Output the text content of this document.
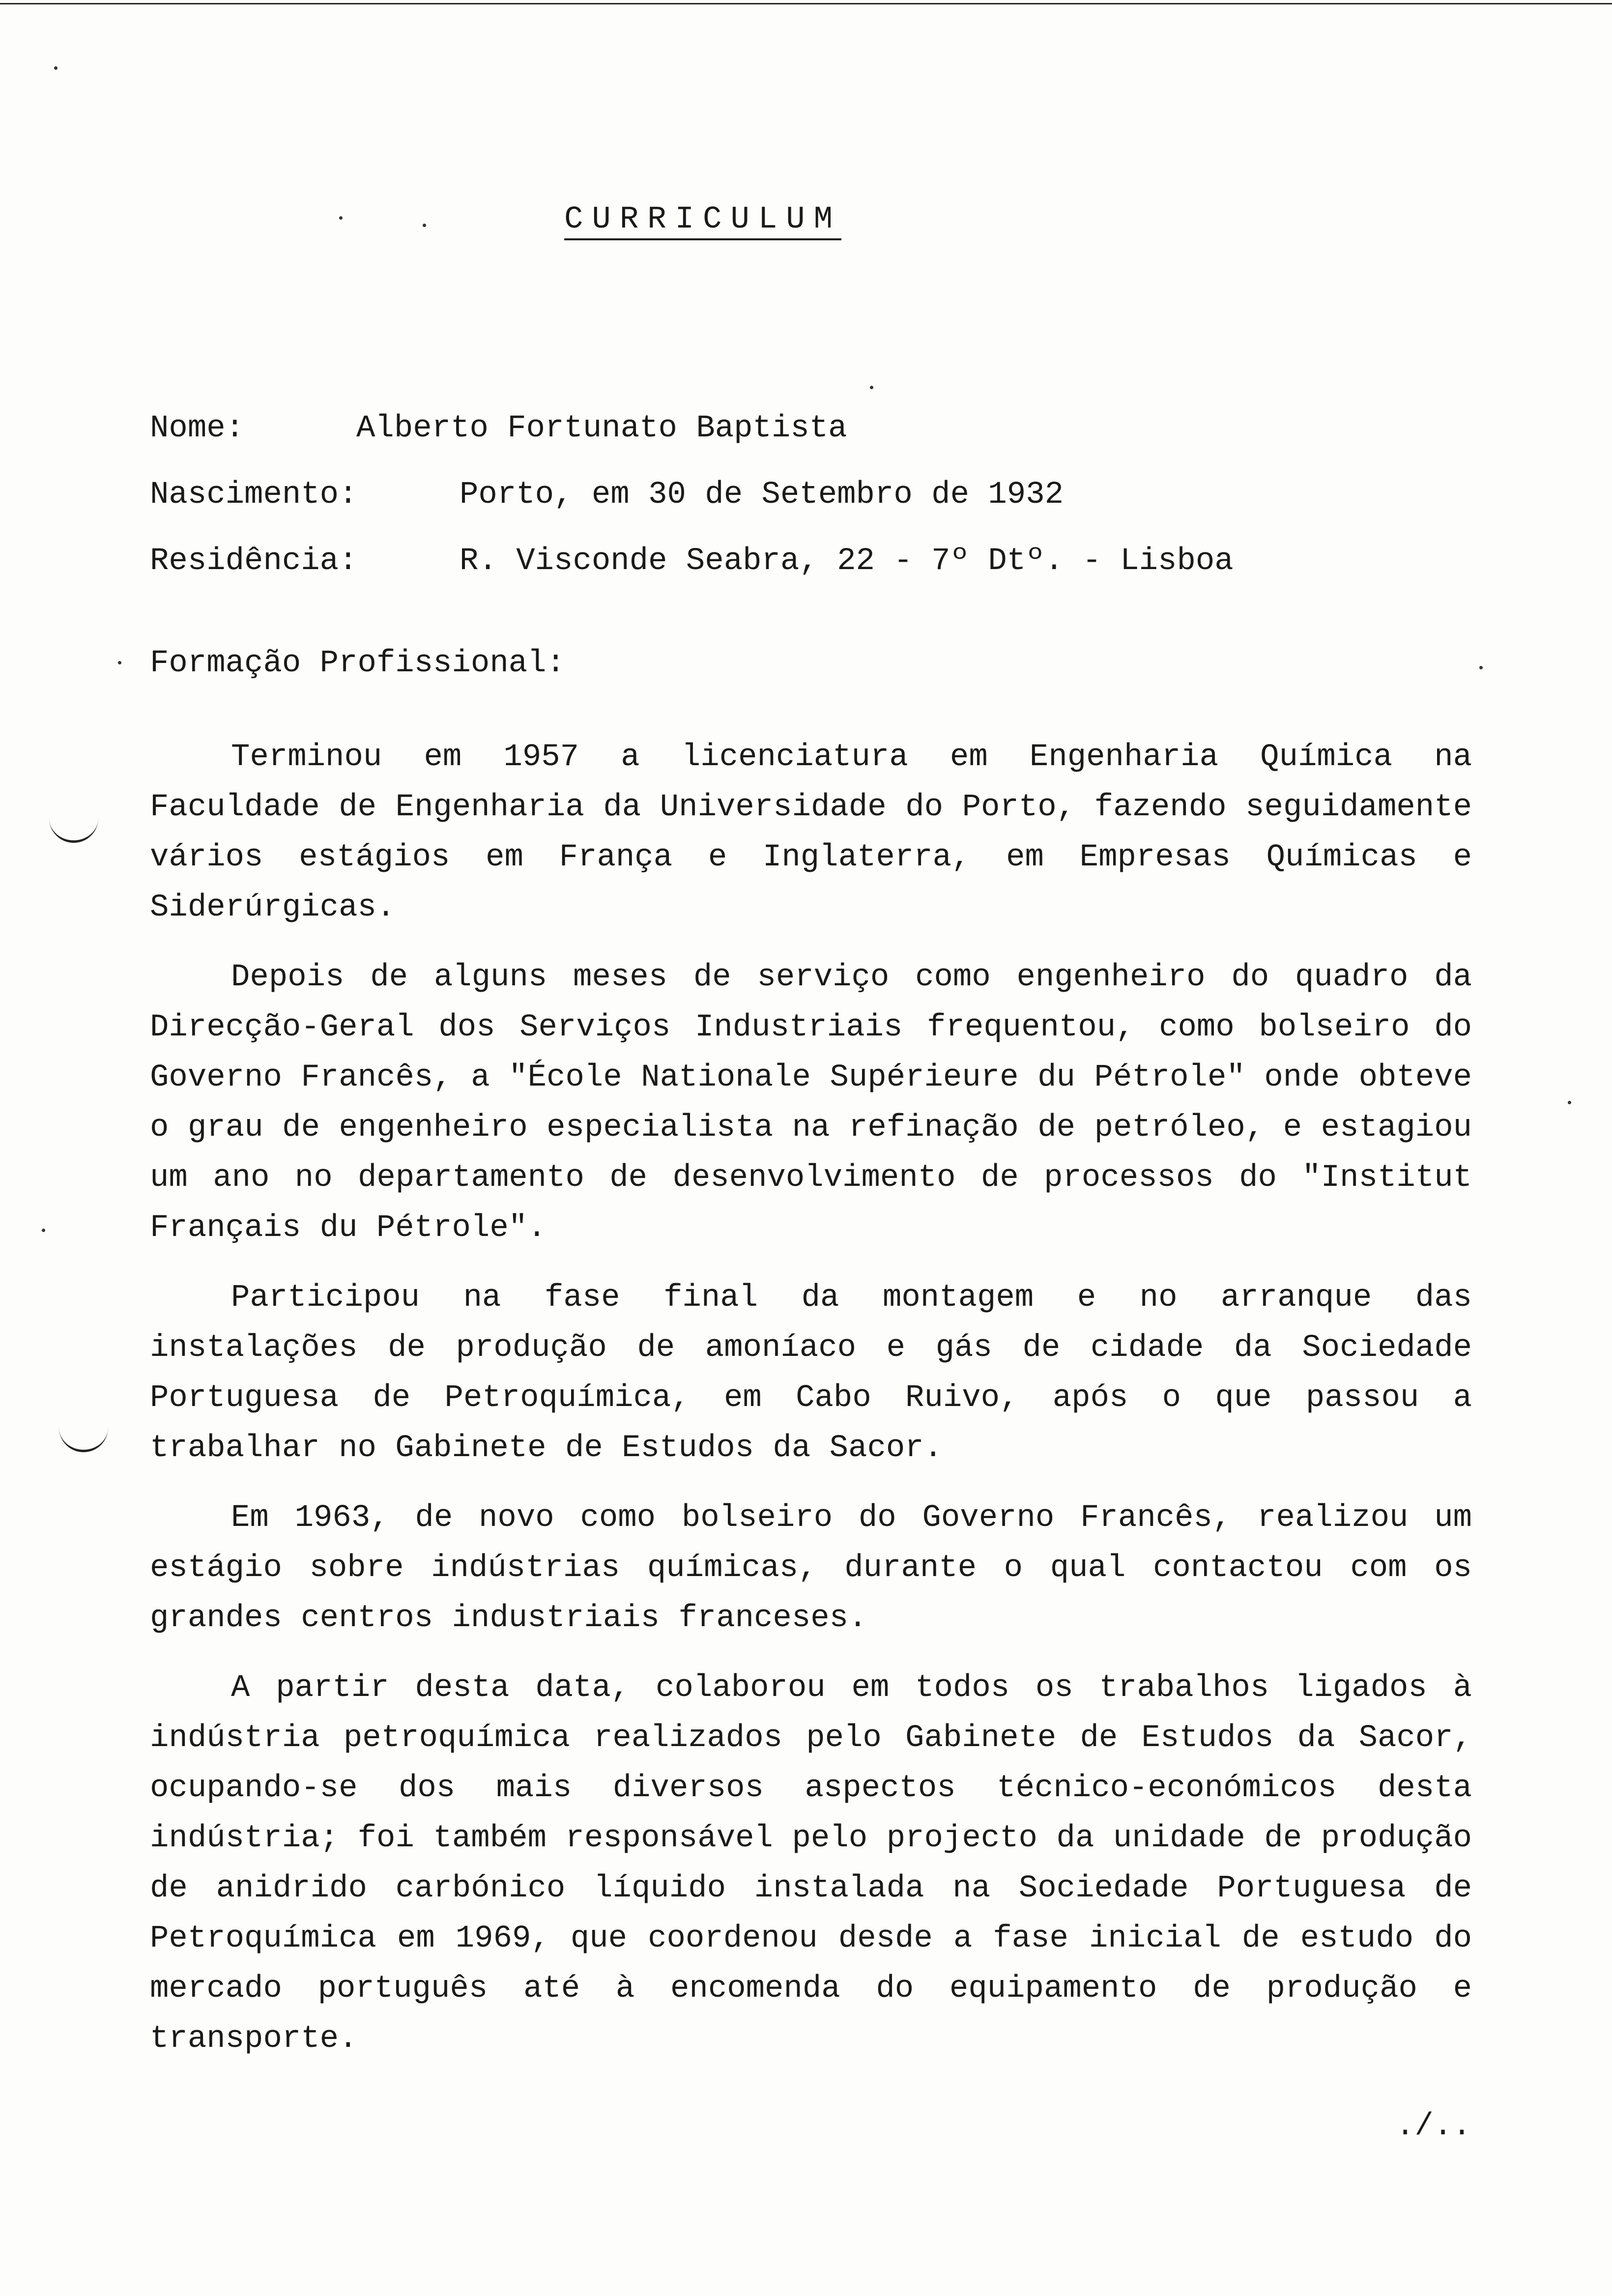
CURRICULUM
Nome:	Alberto Fortunato Baptista
Nascimento:	Porto, em 30 de Setembro de 1932
Residência:	R. Visconde Seabra, 22 - 7º Dtº. - Lisboa
Formação Profissional:

Terminou em 1957 a licenciatura em Engenharia Química na Faculdade de Engenharia da Universidade do Porto, fazendo seguidamente vários estágios em França e Inglaterra, em Empresas Químicas e Siderúrgicas.

Depois de alguns meses de serviço como engenheiro do quadro da Direcção-Geral dos Serviços Industriais frequentou, como bolseiro do Governo Francês, a "École Nationale Supérieure du Pétrole" onde obteve o grau de engenheiro especialista na refinação de petróleo, e estagiou um ano no departamento de desenvolvimento de processos do "Institut Français du Pétrole".

Participou na fase final da montagem e no arranque das instalações de produção de amoníaco e gás de cidade da Sociedade Portuguesa de Petroquímica, em Cabo Ruivo, após o que passou a trabalhar no Gabinete de Estudos da Sacor.

Em 1963, de novo como bolseiro do Governo Francês, realizou um estágio sobre indústrias químicas, durante o qual contactou com os grandes centros industriais franceses.

A partir desta data, colaborou em todos os trabalhos ligados à indústria petroquímica realizados pelo Gabinete de Estudos da Sacor, ocupando-se dos mais diversos aspectos técnico-económicos desta indústria; foi também responsável pelo projecto da unidade de produção de anidrido carbónico líquido instalada na Sociedade Portuguesa de Petroquímica em 1969, que coordenou desde a fase inicial de estudo do mercado português até à encomenda do equipamento de produção e transporte.

./..
